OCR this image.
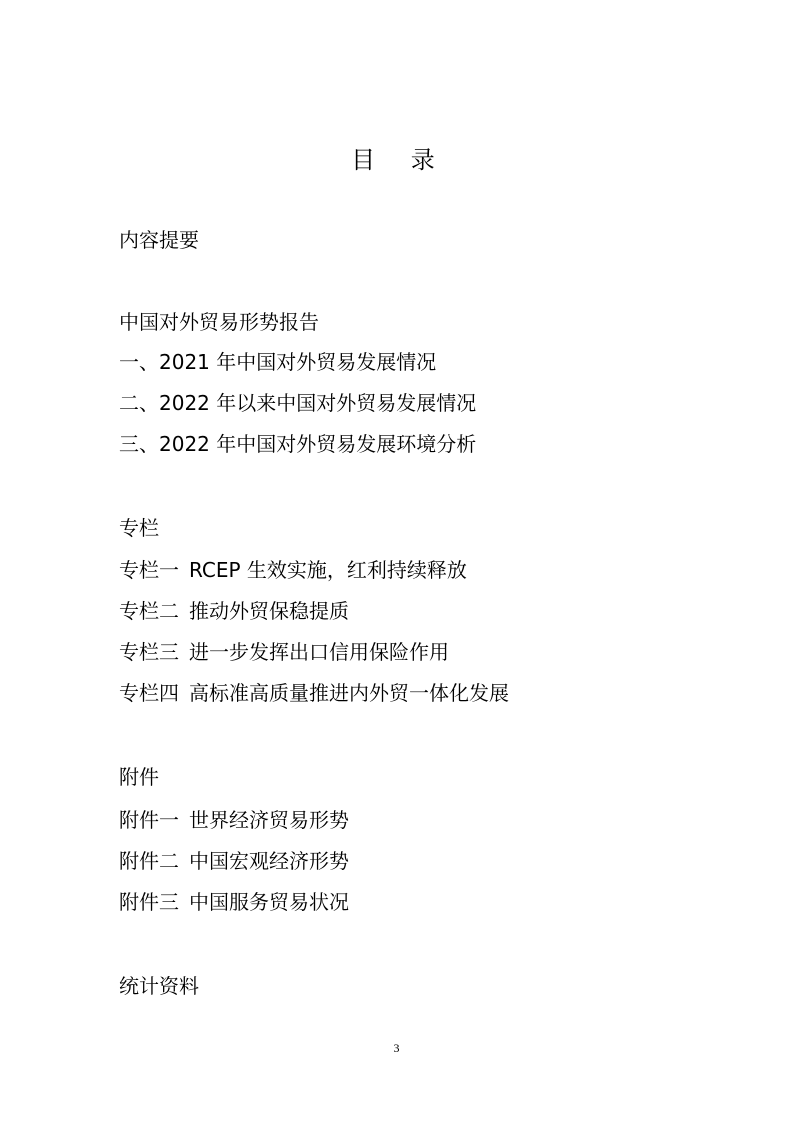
目 录
内容提要
中国对外贸易形势报告
一、2021 年中国对外贸易发展情况
二、2022 年以来中国对外贸易发展情况
三、2022 年中国对外贸易发展环境分析
专栏
专栏一 RCEP 生效实施，红利持续释放
专栏二 推动外贸保稳提质
专栏三 进一步发挥出口信用保险作用
专栏四 高标准高质量推进内外贸一体化发展
附件
附件一 世界经济贸易形势
附件二 中国宏观经济形势
附件三 中国服务贸易状况
统计资料
3
